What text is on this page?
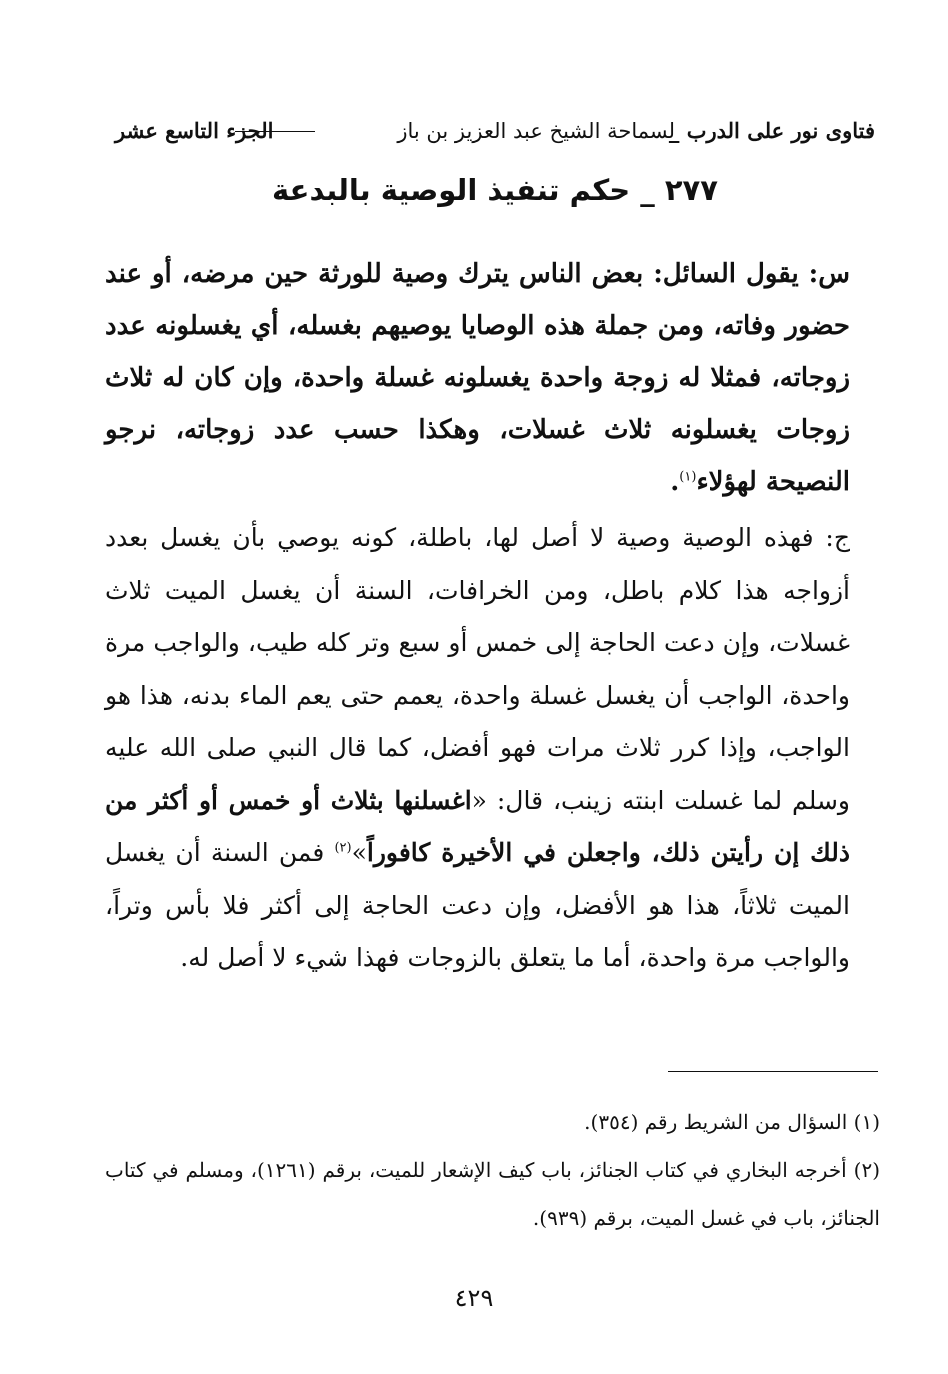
فتاوى نور على الدرب _
لسماحة الشيخ عبد العزيز بن باز
الجزء التاسع عشر
٢٧٧ _ حكم تنفيذ الوصية بالبدعة

س: يقول السائل: بعض الناس يترك وصية للورثة حين مرضه، أو عند حضور وفاته، ومن جملة هذه الوصايا يوصيهم بغسله، أي يغسلونه عدد زوجاته، فمثلا له زوجة واحدة يغسلونه غسلة واحدة، وإن كان له ثلاث زوجات يغسلونه ثلاث غسلات، وهكذا حسب عدد زوجاته، نرجو النصيحة لهؤلاء$^{(١)}$.

ج: فهذه الوصية وصية لا أصل لها، باطلة، كونه يوصي بأن يغسل بعدد أزواجه هذا كلام باطل، ومن الخرافات، السنة أن يغسل الميت ثلاث غسلات، وإن دعت الحاجة إلى خمس أو سبع وتر كله طيب، والواجب مرة واحدة، الواجب أن يغسل غسلة واحدة، يعمم حتى يعم الماء بدنه، هذا هو الواجب، وإذا كرر ثلاث مرات فهو أفضل، كما قال النبي صلى الله عليه وسلم لما غسلت ابنته زينب، قال: «اغسلنها بثلاث أو خمس أو أكثر من ذلك إن رأيتن ذلك، واجعلن في الأخيرة كافوراً»$^{(٢)}$ فمن السنة أن يغسل الميت ثلاثاً، هذا هو الأفضل، وإن دعت الحاجة إلى أكثر فلا بأس وتراً، والواجب مرة واحدة، أما ما يتعلق بالزوجات فهذا شيء لا أصل له.

(١) السؤال من الشريط رقم (٣٥٤).

(٢) أخرجه البخاري في كتاب الجنائز، باب كيف الإشعار للميت، برقم (١٢٦١)، ومسلم في كتاب الجنائز، باب في غسل الميت، برقم (٩٣٩).

٤٢٩
